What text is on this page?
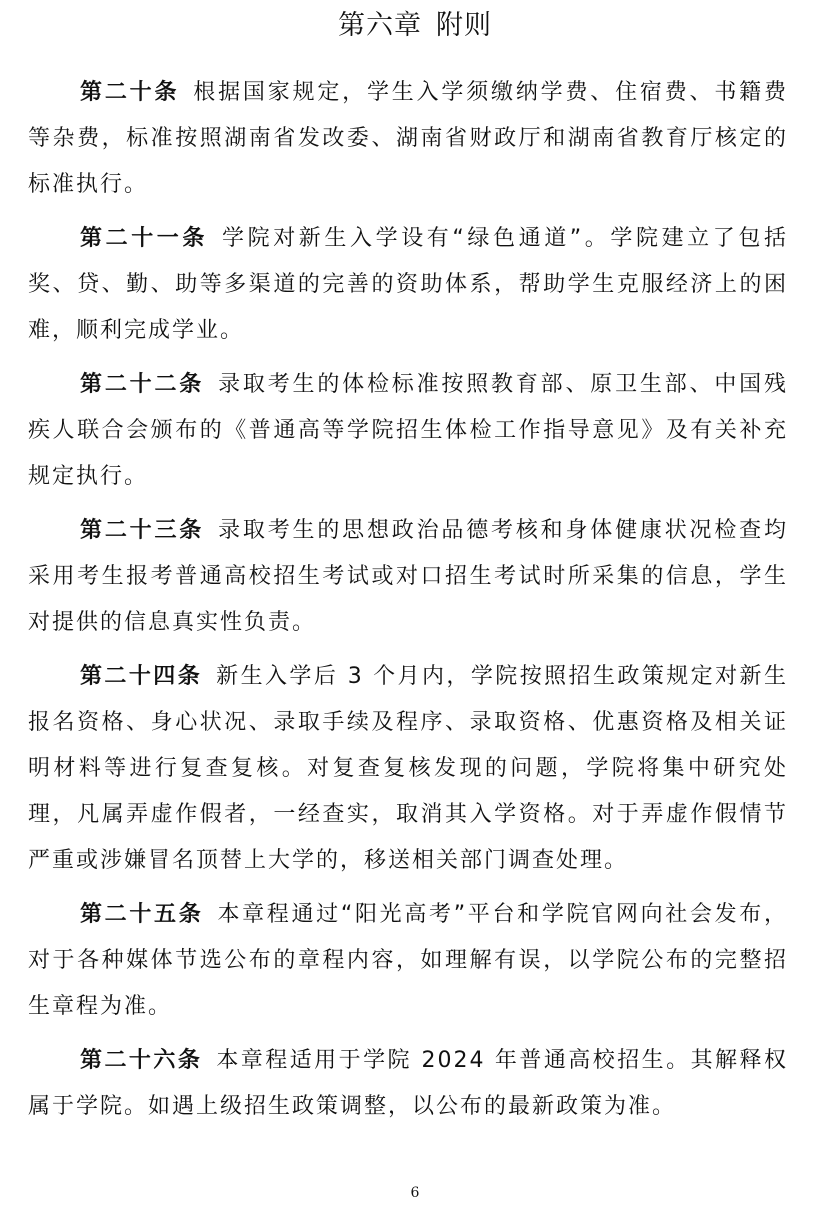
第六章 附则

第二十条 根据国家规定，学生入学须缴纳学费、住宿费、书籍费等杂费，标准按照湖南省发改委、湖南省财政厅和湖南省教育厅核定的标准执行。

第二十一条 学院对新生入学设有“绿色通道”。学院建立了包括奖、贷、勤、助等多渠道的完善的资助体系，帮助学生克服经济上的困难，顺利完成学业。

第二十二条 录取考生的体检标准按照教育部、原卫生部、中国残疾人联合会颁布的《普通高等学院招生体检工作指导意见》及有关补充规定执行。

第二十三条 录取考生的思想政治品德考核和身体健康状况检查均采用考生报考普通高校招生考试或对口招生考试时所采集的信息，学生对提供的信息真实性负责。

第二十四条 新生入学后 3 个月内，学院按照招生政策规定对新生报名资格、身心状况、录取手续及程序、录取资格、优惠资格及相关证明材料等进行复查复核。对复查复核发现的问题，学院将集中研究处理，凡属弄虚作假者，一经查实，取消其入学资格。对于弄虚作假情节严重或涉嫌冒名顶替上大学的，移送相关部门调查处理。

第二十五条 本章程通过“阳光高考”平台和学院官网向社会发布，对于各种媒体节选公布的章程内容，如理解有误，以学院公布的完整招生章程为准。

第二十六条 本章程适用于学院 2024 年普通高校招生。其解释权属于学院。如遇上级招生政策调整，以公布的最新政策为准。

6
